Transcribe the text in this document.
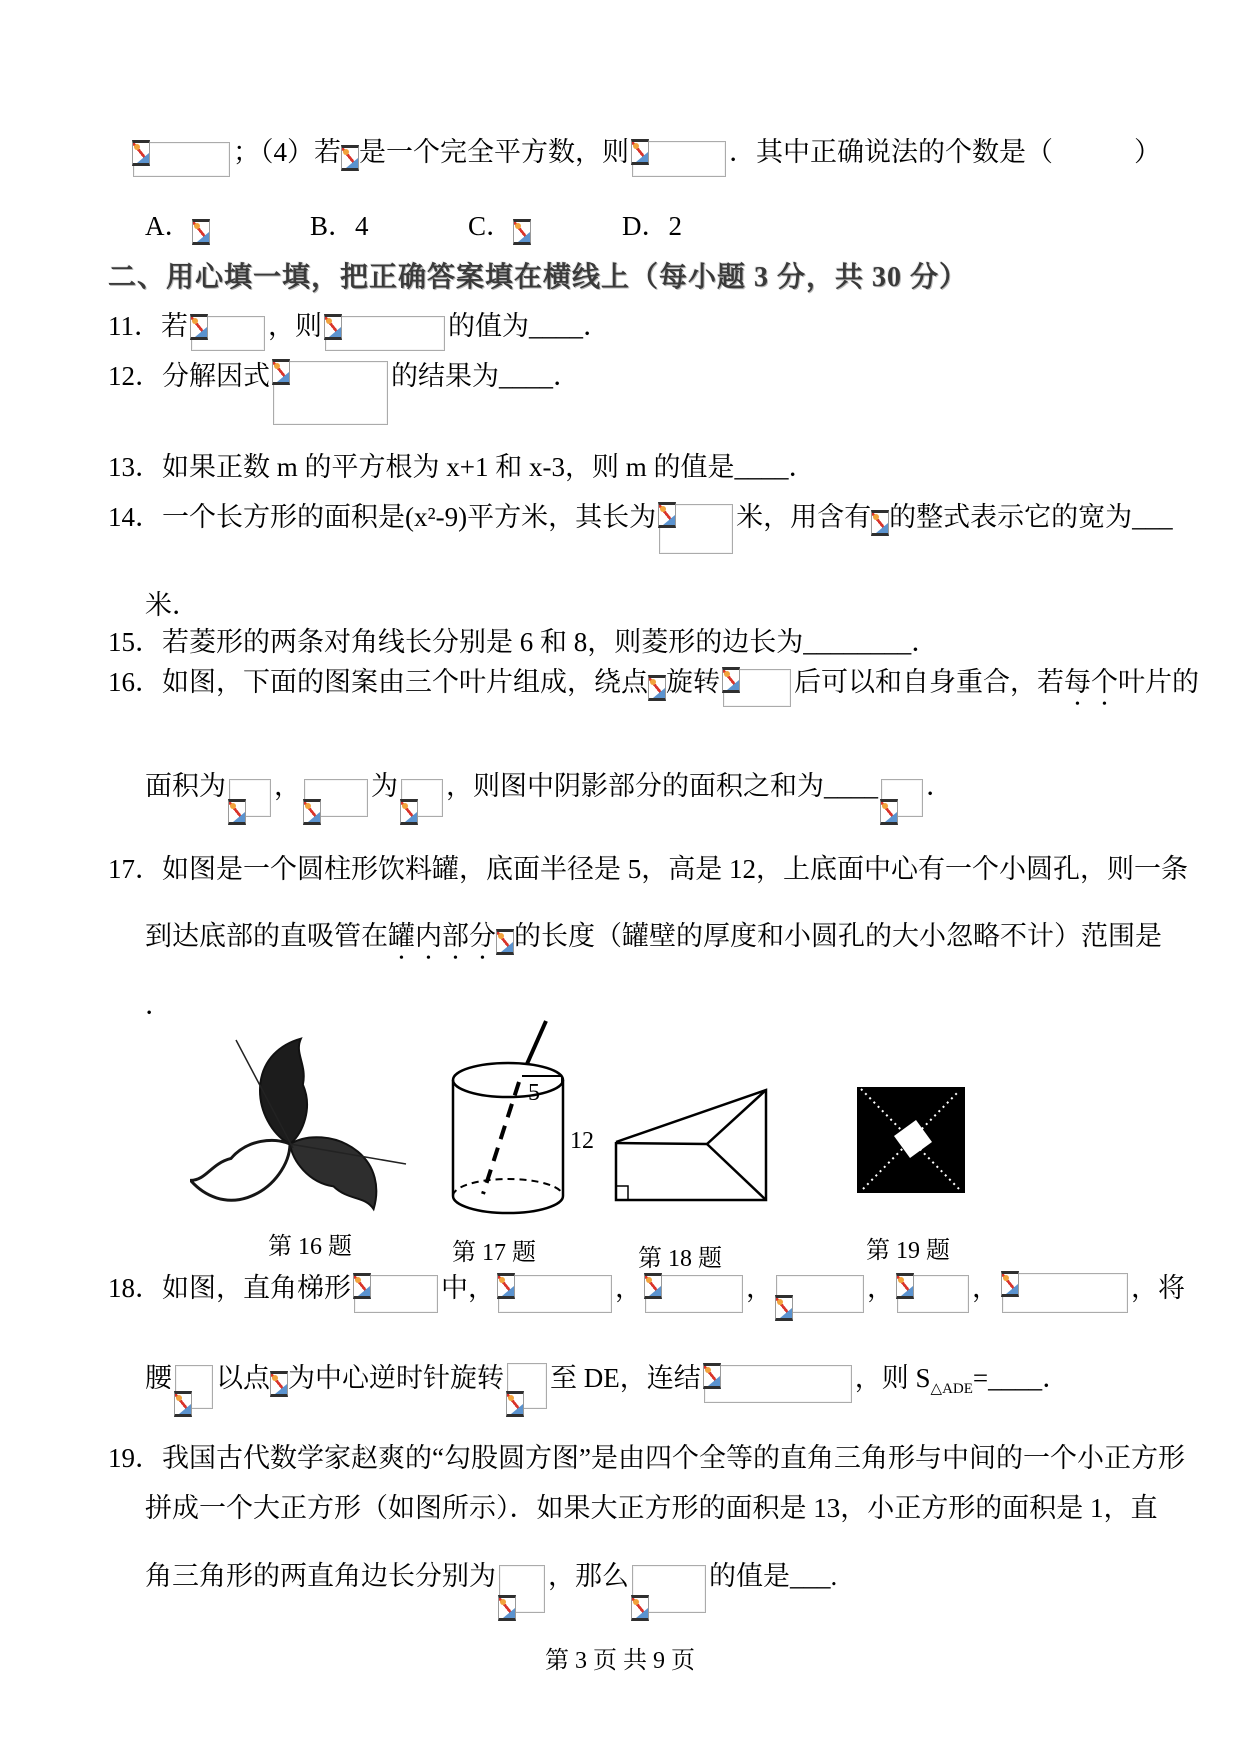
；（4）若 是一个完全平方数，则	．其中正确说法的个数是（　　　）
A．	B．4	C．	D．2
二、用心填一填，把正确答案填在横线上（每小题 3 分，共 30 分）
11．若	，则	的值为____．
12．分解因式	的结果为____．
13．如果正数 m 的平方根为 x+1 和 x-3，则 m 的值是____．
14．一个长方形的面积是(x²-9)平方米，其长为	米，用含有 的整式表示它的宽为___
米．
15．若菱形的两条对角线长分别是 6 和 8，则菱形的边长为________．
16．如图，下面的图案由三个叶片组成，绕点 旋转	后可以和自身重合，若每个叶片的
面积为 ，	为 ，则图中阴影部分的面积之和为____ ．
17．如图是一个圆柱形饮料罐，底面半径是 5，高是 12，上底面中心有一个小圆孔，则一条
到达底部的直吸管在罐内部分 的长度（罐壁的厚度和小圆孔的大小忽略不计）范围是
．
5
12
第 16 题	第 17 题	第 18 题	第 19 题
18．如图，直角梯形	中，	，	，	，	，	，将
腰 以点 为中心逆时针旋转 至 DE，连结	，则 $S_{\triangle ADE}=\_\_\_\_$．
19．我国古代数学家赵爽的“勾股圆方图”是由四个全等的直角三角形与中间的一个小正方形
拼成一个大正方形（如图所示）．如果大正方形的面积是 13，小正方形的面积是 1，直
角三角形的两直角边长分别为 ，那么	的值是___.
第 3 页 共 9 页
